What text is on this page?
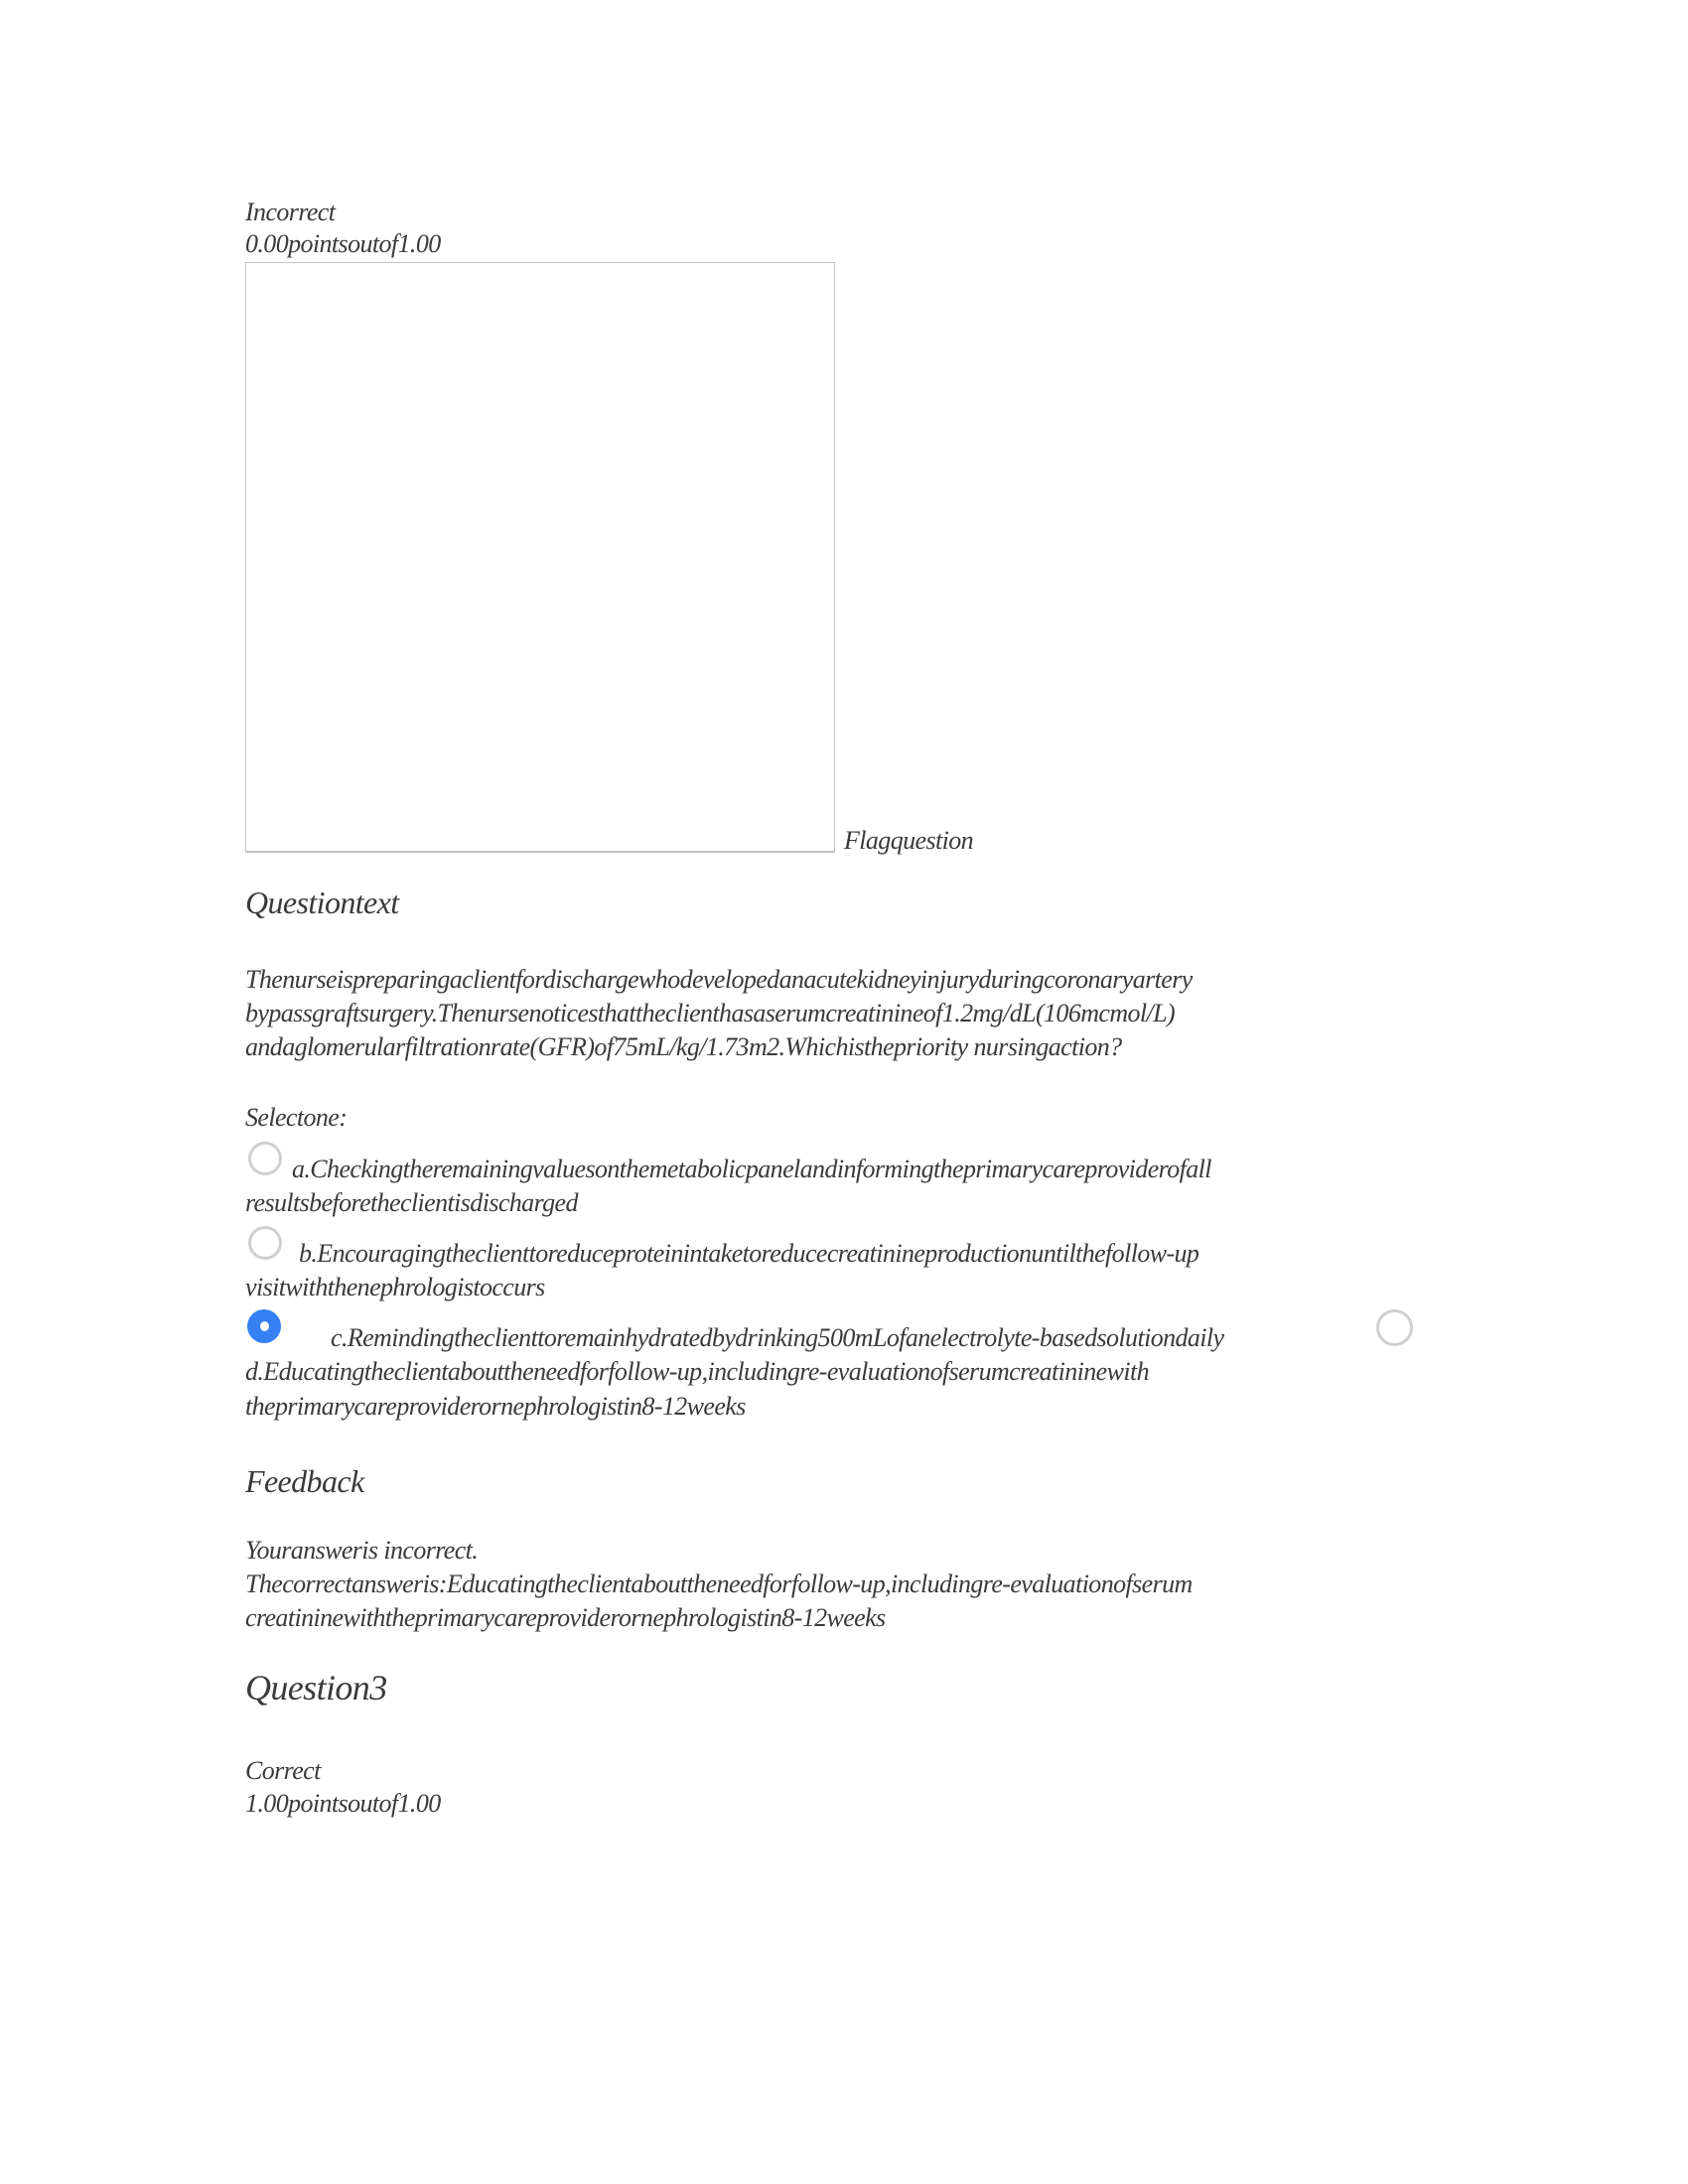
Incorrect
0.00pointsoutof1.00
Flagquestion
Questiontext
Thenurseispreparingaclientfordischargewhodevelopedanacutekidneyinjuryduringcoronaryartery
bypassgraftsurgery.Thenursenoticesthattheclienthasaserumcreatinineof1.2mg/dL(106mcmol/L)
andaglomerularfiltrationrate(GFR)of75mL/kg/1.73m2.Whichisthepriority nursingaction?
Selectone:
a.Checkingtheremainingvaluesonthemetabolicpanelandinformingtheprimarycareproviderofall
resultsbeforetheclientisdischarged
b.Encouragingtheclienttoreduceproteinintaketoreducecreatinineproductionuntilthefollow-up
visitwiththenephrologistoccurs
c.Remindingtheclienttoremainhydratedbydrinking500mLofanelectrolyte-basedsolutiondaily
d.Educatingtheclientabouttheneedforfollow-up,includingre-evaluationofserumcreatininewith
theprimarycareproviderornephrologistin8-12weeks
Feedback
Youransweris incorrect.
Thecorrectansweris:Educatingtheclientabouttheneedforfollow-up,includingre-evaluationofserum
creatininewiththeprimarycareproviderornephrologistin8-12weeks
Question3
Correct
1.00pointsoutof1.00
